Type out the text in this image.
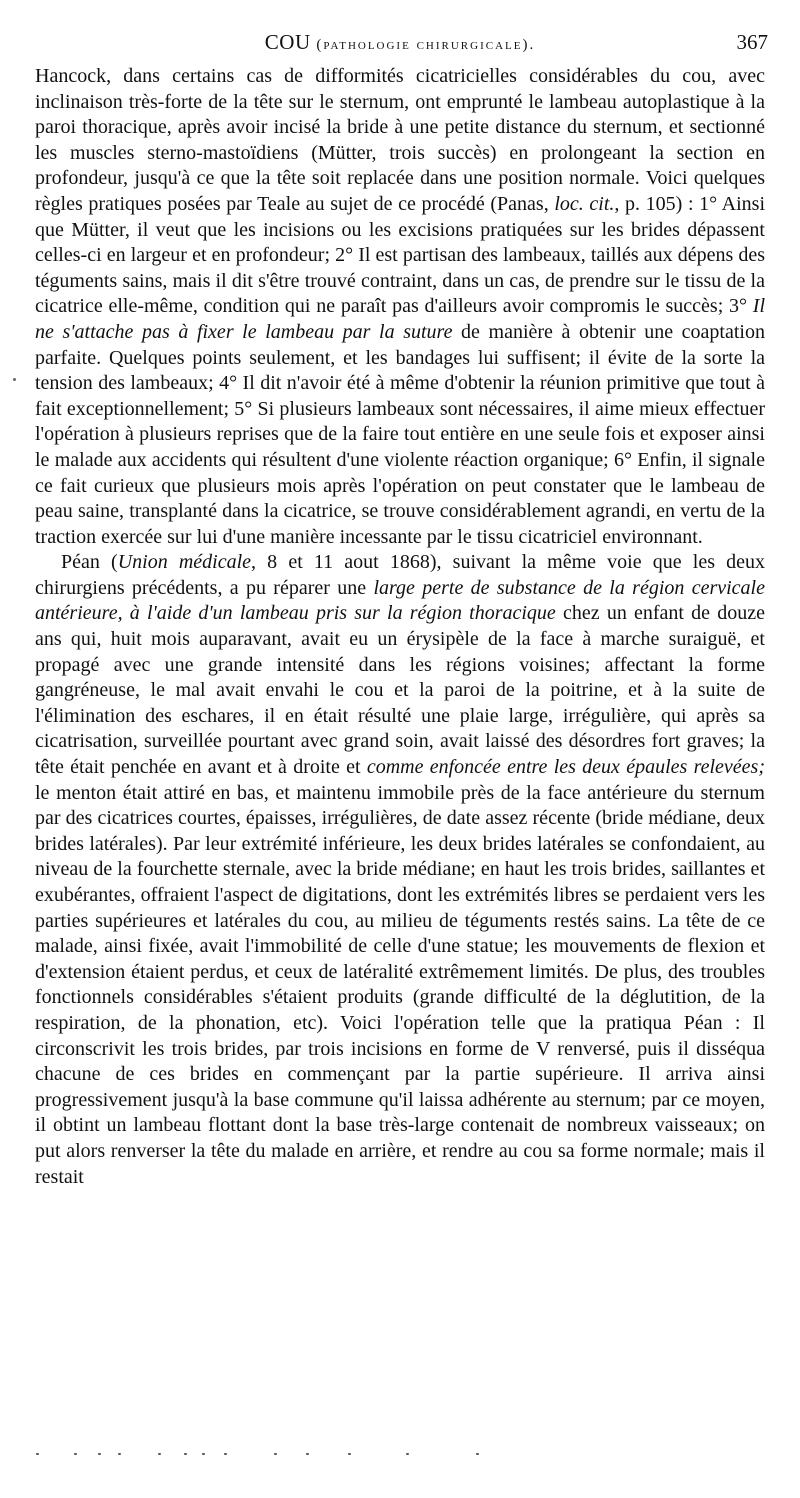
COU (pathologie chirurgicale).	367

Hancock, dans certains cas de difformités cicatricielles considérables du cou, avec inclinaison très-forte de la tête sur le sternum, ont emprunté le lambeau autoplastique à la paroi thoracique, après avoir incisé la bride à une petite distance du sternum, et sectionné les muscles sterno-mastoïdiens (Mütter, trois succès) en prolongeant la section en profondeur, jusqu'à ce que la tête soit replacée dans une position normale. Voici quelques règles pratiques posées par Teale au sujet de ce procédé (Panas, loc. cit., p. 105) : 1° Ainsi que Mütter, il veut que les incisions ou les excisions pratiquées sur les brides dépassent celles-ci en largeur et en profondeur; 2° Il est partisan des lambeaux, taillés aux dépens des téguments sains, mais il dit s'être trouvé contraint, dans un cas, de prendre sur le tissu de la cicatrice elle-même, condition qui ne paraît pas d'ailleurs avoir compromis le succès; 3° Il ne s'attache pas à fixer le lambeau par la suture de manière à obtenir une coaptation parfaite. Quelques points seulement, et les bandages lui suffisent; il évite de la sorte la tension des lambeaux; 4° Il dit n'avoir été à même d'obtenir la réunion primitive que tout à fait exceptionnellement; 5° Si plusieurs lambeaux sont nécessaires, il aime mieux effectuer l'opération à plusieurs reprises que de la faire tout entière en une seule fois et exposer ainsi le malade aux accidents qui résultent d'une violente réaction organique; 6° Enfin, il signale ce fait curieux que plusieurs mois après l'opération on peut constater que le lambeau de peau saine, transplanté dans la cicatrice, se trouve considérablement agrandi, en vertu de la traction exercée sur lui d'une manière incessante par le tissu cicatriciel environnant.

Péan (Union médicale, 8 et 11 aout 1868), suivant la même voie que les deux chirurgiens précédents, a pu réparer une large perte de substance de la région cervicale antérieure, à l'aide d'un lambeau pris sur la région thoracique chez un enfant de douze ans qui, huit mois auparavant, avait eu un érysipèle de la face à marche suraiguë, et propagé avec une grande intensité dans les régions voisines; affectant la forme gangréneuse, le mal avait envahi le cou et la paroi de la poitrine, et à la suite de l'élimination des eschares, il en était résulté une plaie large, irrégulière, qui après sa cicatrisation, surveillée pourtant avec grand soin, avait laissé des désordres fort graves; la tête était penchée en avant et à droite et comme enfoncée entre les deux épaules relevées; le menton était attiré en bas, et maintenu immobile près de la face antérieure du sternum par des cicatrices courtes, épaisses, irrégulières, de date assez récente (bride médiane, deux brides latérales). Par leur extrémité inférieure, les deux brides latérales se confondaient, au niveau de la fourchette sternale, avec la bride médiane; en haut les trois brides, saillantes et exubérantes, offraient l'aspect de digitations, dont les extrémités libres se perdaient vers les parties supérieures et latérales du cou, au milieu de téguments restés sains. La tête de ce malade, ainsi fixée, avait l'immobilité de celle d'une statue; les mouvements de flexion et d'extension étaient perdus, et ceux de latéralité extrêmement limités. De plus, des troubles fonctionnels considérables s'étaient produits (grande difficulté de la déglutition, de la respiration, de la phonation, etc). Voici l'opération telle que la pratiqua Péan : Il circonscrivit les trois brides, par trois incisions en forme de V renversé, puis il disséqua chacune de ces brides en commençant par la partie supérieure. Il arriva ainsi progressivement jusqu'à la base commune qu'il laissa adhérente au sternum; par ce moyen, il obtint un lambeau flottant dont la base très-large contenait de nombreux vaisseaux; on put alors renverser la tête du malade en arrière, et rendre au cou sa forme normale; mais il restait
